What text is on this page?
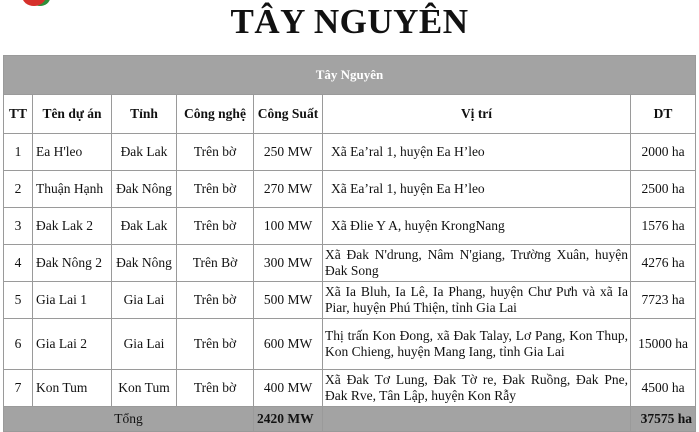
TÂY NGUYÊN
Tây Nguyên						
TT	Tên dự án	Tỉnh	Công nghệ	Công Suất	Vị trí	DT
1	Ea H'leo	Đak Lak	Trên bờ	250 MW	Xã Ea’ral 1, huyện Ea H’leo	2000 ha
2	Thuận Hạnh	Đak Nông	Trên bờ	270 MW	Xã Ea’ral 1, huyện Ea H’leo	2500 ha
3	Đak Lak 2	Đak Lak	Trên bờ	100 MW	Xã Đlie Y A, huyện KrongNang	1576 ha
4	Đak Nông 2	Đak Nông	Trên Bờ	300 MW	Xã Đak N'drung, Nâm N'giang, Trường Xuân, huyện Đak Song	4276 ha
5	Gia Lai 1	Gia Lai	Trên bờ	500 MW	Xã Ia Bluh, Ia Lê, Ia Phang, huyện Chư Pưh và xã Ia Piar, huyện Phú Thiện, tỉnh Gia Lai	7723 ha
6	Gia Lai 2	Gia Lai	Trên bờ	600 MW	Thị trấn Kon Đong, xã Đak Talay, Lơ Pang, Kon Thup, Kon Chieng, huyện Mang Iang, tỉnh Gia Lai	15000 ha
7	Kon Tum	Kon Tum	Trên bờ	400 MW	Xã Đak Tơ Lung, Đak Tờ re, Đak Ruồng, Đak Pne, Đak Rve, Tân Lập, huyện Kon Rẫy	4500 ha
Tổng				2420 MW		37575 ha
